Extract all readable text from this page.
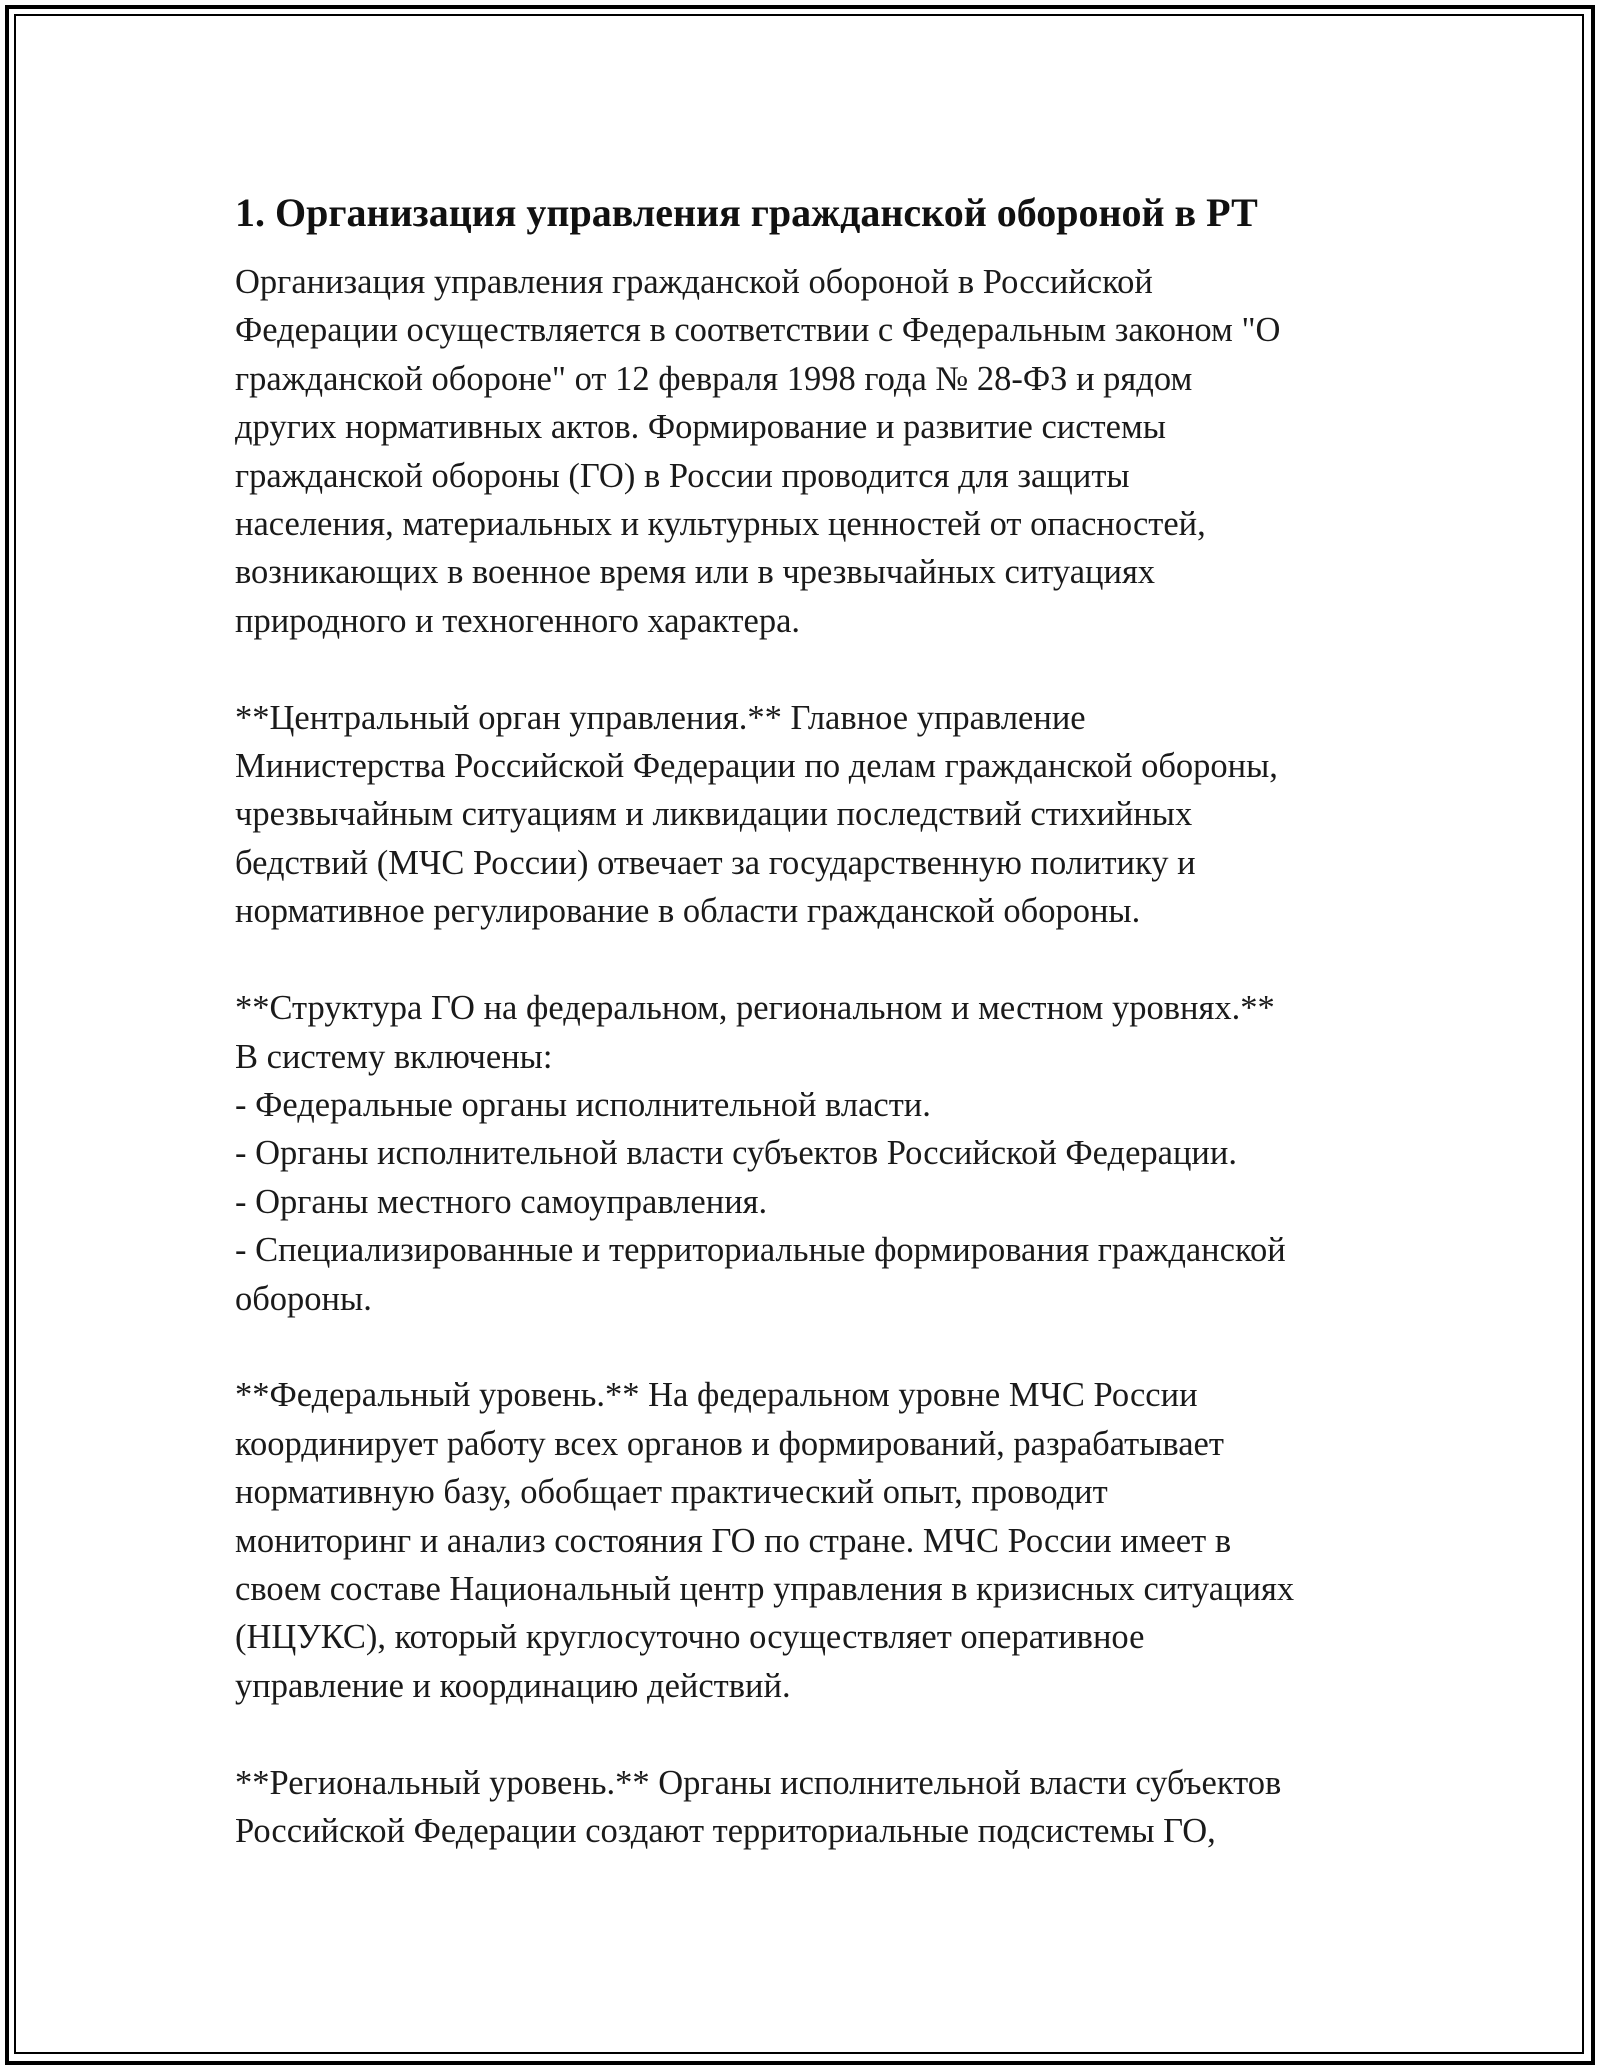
1. Организация управления гражданской обороной в РТ
Организация управления гражданской обороной в Российской
Федерации осуществляется в соответствии с Федеральным законом "О
гражданской обороне" от 12 февраля 1998 года № 28-ФЗ и рядом
других нормативных актов. Формирование и развитие системы
гражданской обороны (ГО) в России проводится для защиты
населения, материальных и культурных ценностей от опасностей,
возникающих в военное время или в чрезвычайных ситуациях
природного и техногенного характера.

**Центральный орган управления.** Главное управление
Министерства Российской Федерации по делам гражданской обороны,
чрезвычайным ситуациям и ликвидации последствий стихийных
бедствий (МЧС России) отвечает за государственную политику и
нормативное регулирование в области гражданской обороны.

**Структура ГО на федеральном, региональном и местном уровнях.**
В систему включены:
- Федеральные органы исполнительной власти.
- Органы исполнительной власти субъектов Российской Федерации.
- Органы местного самоуправления.
- Специализированные и территориальные формирования гражданской
обороны.

**Федеральный уровень.** На федеральном уровне МЧС России
координирует работу всех органов и формирований, разрабатывает
нормативную базу, обобщает практический опыт, проводит
мониторинг и анализ состояния ГО по стране. МЧС России имеет в
своем составе Национальный центр управления в кризисных ситуациях
(НЦУКС), который круглосуточно осуществляет оперативное
управление и координацию действий.

**Региональный уровень.** Органы исполнительной власти субъектов
Российской Федерации создают территориальные подсистемы ГО,
